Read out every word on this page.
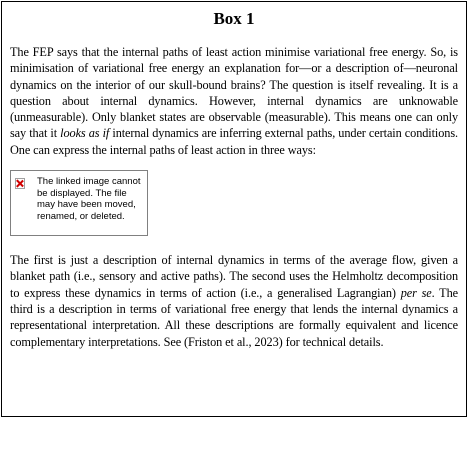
Box 1

The FEP says that the internal paths of least action minimise variational free energy. So, is minimisation of variational free energy an explanation for—or a description of—neuronal dynamics on the interior of our skull-bound brains? The question is itself revealing. It is a question about internal dynamics. However, internal dynamics are unknowable (unmeasurable). Only blanket states are observable (measurable). This means one can only say that it looks as if internal dynamics are inferring external paths, under certain conditions. One can express the internal paths of least action in three ways:

The linked image cannot be displayed. The file may have been moved, renamed, or deleted.

The first is just a description of internal dynamics in terms of the average flow, given a blanket path (i.e., sensory and active paths). The second uses the Helmholtz decomposition to express these dynamics in terms of action (i.e., a generalised Lagrangian) per se. The third is a description in terms of variational free energy that lends the internal dynamics a representational interpretation. All these descriptions are formally equivalent and licence complementary interpretations. See (Friston et al., 2023) for technical details.
